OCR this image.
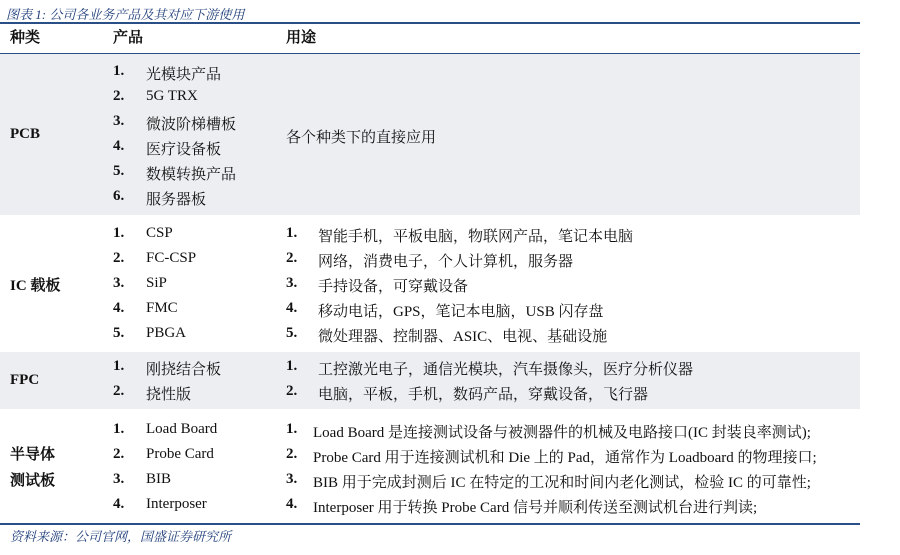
图表 1: 公司各业务产品及其对应下游使用
种类	产品	用途
PCB
1. 光模块产品
2. 5G TRX
3. 微波阶梯槽板
4. 医疗设备板
5. 数模转换产品
6. 服务器板
各个种类下的直接应用
IC 载板
1. CSP
2. FC-CSP
3. SiP
4. FMC
5. PBGA
1. 智能手机，平板电脑，物联网产品，笔记本电脑
2. 网络，消费电子，个人计算机，服务器
3. 手持设备，可穿戴设备
4. 移动电话，GPS，笔记本电脑，USB 闪存盘
5. 微处理器、控制器、ASIC、电视、基础设施
FPC
1. 刚挠结合板
2. 挠性版
1. 工控激光电子，通信光模块，汽车摄像头，医疗分析仪器
2. 电脑，平板，手机，数码产品，穿戴设备，飞行器
半导体
测试板
1. Load Board
2. Probe Card
3. BIB
4. Interposer
1. Load Board 是连接测试设备与被测器件的机械及电路接口(IC 封装良率测试);
2. Probe Card 用于连接测试机和 Die 上的 Pad，通常作为 Loadboard 的物理接口;
3. BIB 用于完成封测后 IC 在特定的工况和时间内老化测试，检验 IC 的可靠性;
4. Interposer 用于转换 Probe Card 信号并顺利传送至测试机台进行判读;
资料来源：公司官网，国盛证券研究所
